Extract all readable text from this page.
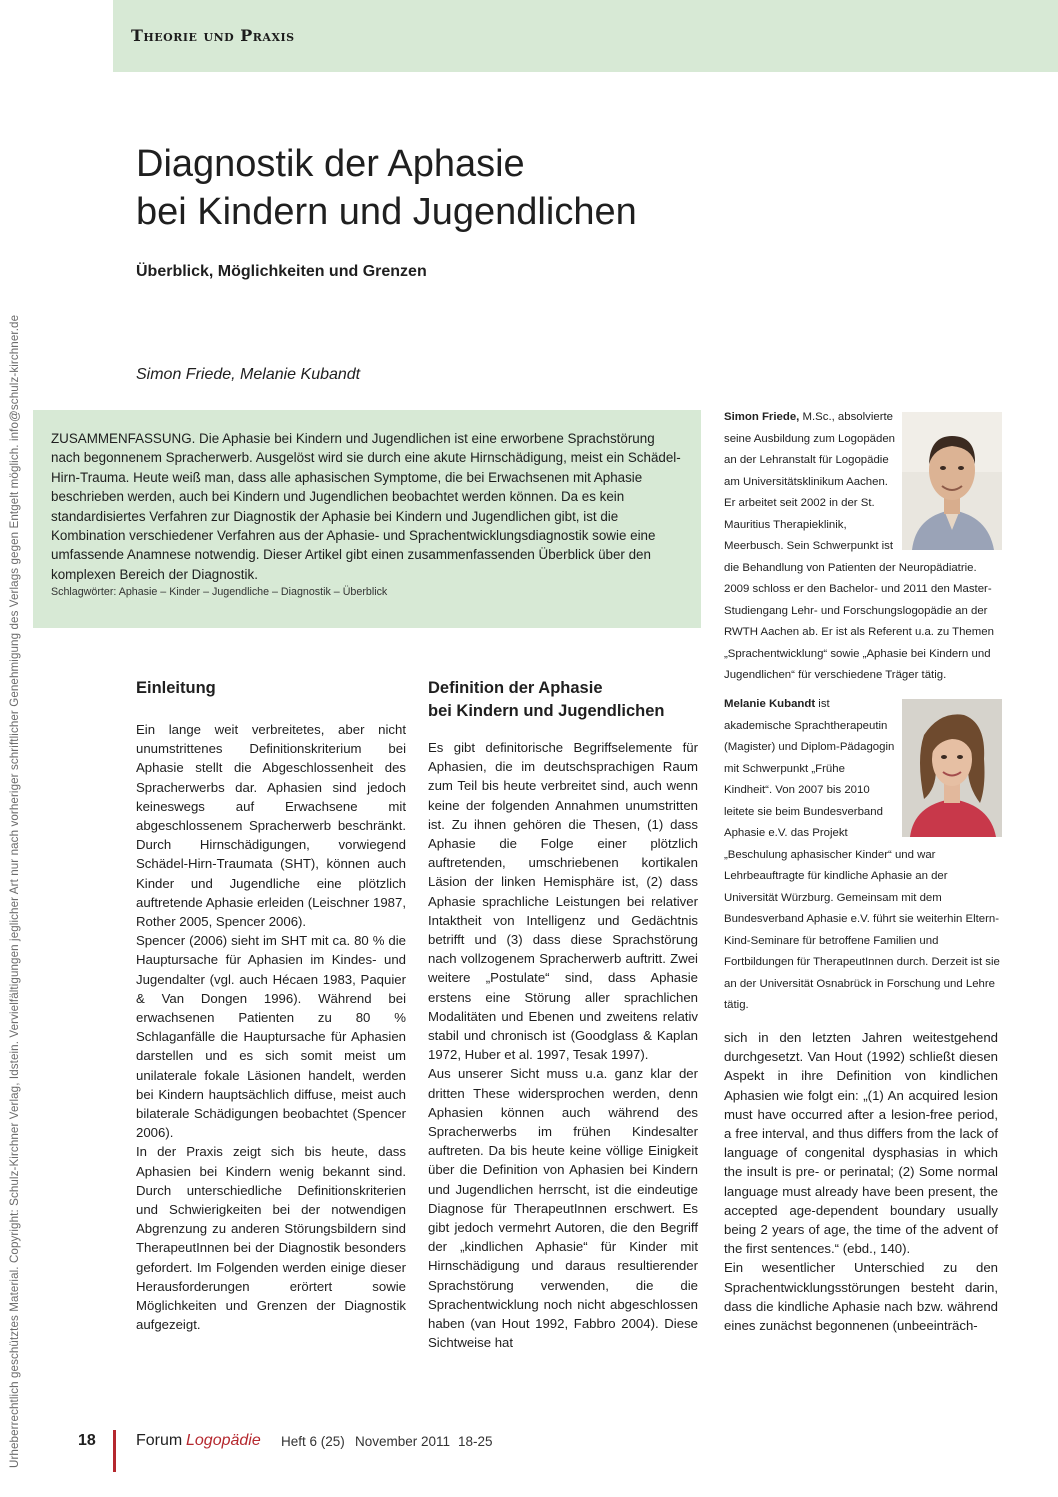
Theorie und Praxis
Urheberrechtlich geschütztes Material. Copyright: Schulz-Kirchner Verlag, Idstein. Vervielfältigungen jeglicher Art nur nach vorheriger schriftlicher Genehmigung des Verlags gegen Entgelt möglich. info@schulz-kirchner.de
Diagnostik der Aphasie
bei Kindern und Jugendlichen
Überblick, Möglichkeiten und Grenzen
Simon Friede, Melanie Kubandt

ZUSAMMENFASSUNG. Die Aphasie bei Kindern und Jugendlichen ist eine erworbene Sprachstörung nach begonnenem Spracherwerb. Ausgelöst wird sie durch eine akute Hirnschädigung, meist ein Schädel-Hirn-Trauma. Heute weiß man, dass alle aphasischen Symptome, die bei Erwachsenen mit Aphasie beschrieben werden, auch bei Kindern und Jugendlichen beobachtet werden können. Da es kein standardisiertes Verfahren zur Diagnostik der Aphasie bei Kindern und Jugendlichen gibt, ist die Kombination verschiedener Verfahren aus der Aphasie- und Sprachentwicklungsdiagnostik sowie eine umfassende Anamnese notwendig. Dieser Artikel gibt einen zusammenfassenden Überblick über den komplexen Bereich der Diagnostik.

Schlagwörter: Aphasie – Kinder – Jugendliche – Diagnostik – Überblick
Simon Friede, M.Sc., absolvierte seine Ausbildung zum Logopäden an der Lehranstalt für Logopädie am Universitätsklinikum Aachen. Er arbeitet seit 2002 in der St. Mauritius Therapieklinik, Meerbusch. Sein Schwerpunkt ist die Behandlung von Patienten der Neuropädiatrie. 2009 schloss er den Bachelor- und 2011 den Master-Studiengang Lehr- und Forschungslogopädie an der RWTH Aachen ab. Er ist als Referent u.a. zu Themen „Sprachentwicklung“ sowie „Aphasie bei Kindern und Jugendlichen“ für verschiedene Träger tätig.
Melanie Kubandt ist akademische Sprachtherapeutin (Magister) und Diplom-Pädagogin mit Schwerpunkt „Frühe Kindheit“. Von 2007 bis 2010 leitete sie beim Bundesverband Aphasie e.V. das Projekt „Beschulung aphasischer Kinder“ und war Lehrbeauftragte für kindliche Aphasie an der Universität Würzburg. Gemeinsam mit dem Bundesverband Aphasie e.V. führt sie weiterhin Eltern-Kind-Seminare für betroffene Familien und Fortbildungen für TherapeutInnen durch. Derzeit ist sie an der Universität Osnabrück in Forschung und Lehre tätig.
Einleitung

Ein lange weit verbreitetes, aber nicht unumstrittenes Definitionskriterium bei Aphasie stellt die Abgeschlossenheit des Spracherwerbs dar. Aphasien sind jedoch keineswegs auf Erwachsene mit abgeschlossenem Spracherwerb beschränkt. Durch Hirnschädigungen, vorwiegend Schädel-Hirn-Traumata (SHT), können auch Kinder und Jugendliche eine plötzlich auftretende Aphasie erleiden (Leischner 1987, Rother 2005, Spencer 2006).

Spencer (2006) sieht im SHT mit ca. 80 % die Hauptursache für Aphasien im Kindes- und Jugendalter (vgl. auch Hécaen 1983, Paquier & Van Dongen 1996). Während bei erwachsenen Patienten zu 80 % Schlaganfälle die Hauptursache für Aphasien darstellen und es sich somit meist um unilaterale fokale Läsionen handelt, werden bei Kindern hauptsächlich diffuse, meist auch bilaterale Schädigungen beobachtet (Spencer 2006).

In der Praxis zeigt sich bis heute, dass Aphasien bei Kindern wenig bekannt sind. Durch unterschiedliche Definitionskriterien und Schwierigkeiten bei der notwendigen Abgrenzung zu anderen Störungsbildern sind TherapeutInnen bei der Diagnostik besonders gefordert. Im Folgenden werden einige dieser Herausforderungen erörtert sowie Möglichkeiten und Grenzen der Diagnostik aufgezeigt.

Definition der Aphasie
bei Kindern und Jugendlichen

Es gibt definitorische Begriffselemente für Aphasien, die im deutschsprachigen Raum zum Teil bis heute verbreitet sind, auch wenn keine der folgenden Annahmen unumstritten ist. Zu ihnen gehören die Thesen, (1) dass Aphasie die Folge einer plötzlich auftretenden, umschriebenen kortikalen Läsion der linken Hemisphäre ist, (2) dass Aphasie sprachliche Leistungen bei relativer Intaktheit von Intelligenz und Gedächtnis betrifft und (3) dass diese Sprachstörung nach vollzogenem Spracherwerb auftritt. Zwei weitere „Postulate“ sind, dass Aphasie erstens eine Störung aller sprachlichen Modalitäten und Ebenen und zweitens relativ stabil und chronisch ist (Goodglass & Kaplan 1972, Huber et al. 1997, Tesak 1997).

Aus unserer Sicht muss u.a. ganz klar der dritten These widersprochen werden, denn Aphasien können auch während des Spracherwerbs im frühen Kindesalter auftreten. Da bis heute keine völlige Einigkeit über die Definition von Aphasien bei Kindern und Jugendlichen herrscht, ist die eindeutige Diagnose für TherapeutInnen erschwert. Es gibt jedoch vermehrt Autoren, die den Begriff der „kindlichen Aphasie“ für Kinder mit Hirnschädigung und daraus resultierender Sprachstörung verwenden, die die Sprachentwicklung noch nicht abgeschlossen haben (van Hout 1992, Fabbro 2004). Diese Sichtweise hat

sich in den letzten Jahren weitestgehend durchgesetzt. Van Hout (1992) schließt diesen Aspekt in ihre Definition von kindlichen Aphasien wie folgt ein: „(1) An acquired lesion must have occurred after a lesion-free period, a free interval, and thus differs from the lack of language of congenital dysphasias in which the insult is pre- or perinatal; (2) Some normal language must already have been present, the accepted age-dependent boundary usually being 2 years of age, the time of the advent of the first sentences.“ (ebd., 140).

Ein wesentlicher Unterschied zu den Sprachentwicklungsstörungen besteht darin, dass die kindliche Aphasie nach bzw. während eines zunächst begonnenen (unbeeinträch-

18	Forum Logopädie Heft 6 (25) November 2011 18-25
